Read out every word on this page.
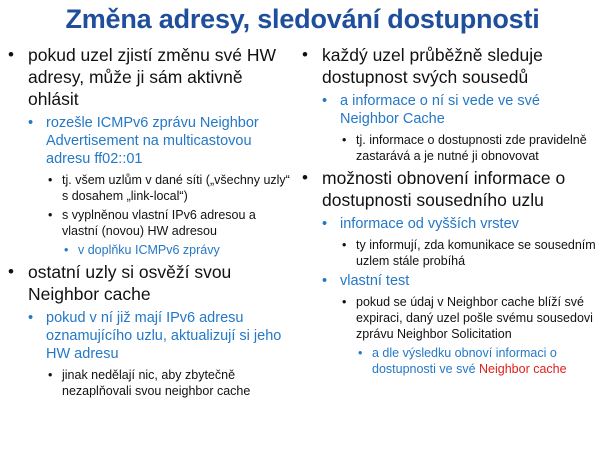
Změna adresy, sledování dostupnosti
• pokud uzel zjistí změnu své HW adresy, může ji sám aktivně ohlásit
• rozešle ICMPv6 zprávu Neighbor Advertisement na multicastovou adresu ff02::01
• tj. všem uzlům v dané síti („všechny uzly“ s dosahem „link-local“)
• s vyplněnou vlastní IPv6 adresou a vlastní (novou) HW adresou
• v doplňku ICMPv6 zprávy
• ostatní uzly si osvěží svou Neighbor cache
• pokud v ní již mají IPv6 adresu oznamujícího uzlu, aktualizují si jeho HW adresu
• jinak nedělají nic, aby zbytečně nezaplňovali svou neighbor cache
• každý uzel průběžně sleduje dostupnost svých sousedů
• a informace o ní si vede ve své Neighbor Cache
• tj. informace o dostupnosti zde pravidelně zastarává a je nutné ji obnovovat
• možnosti obnovení informace o dostupnosti sousedního uzlu
• informace od vyšších vrstev
• ty informují, zda komunikace se sousedním uzlem stále probíhá
• vlastní test
• pokud se údaj v Neighbor cache blíží své expiraci, daný uzel pošle svému sousedovi zprávu Neighbor Solicitation
• a dle výsledku obnoví informaci o dostupnosti ve své Neighbor cache
